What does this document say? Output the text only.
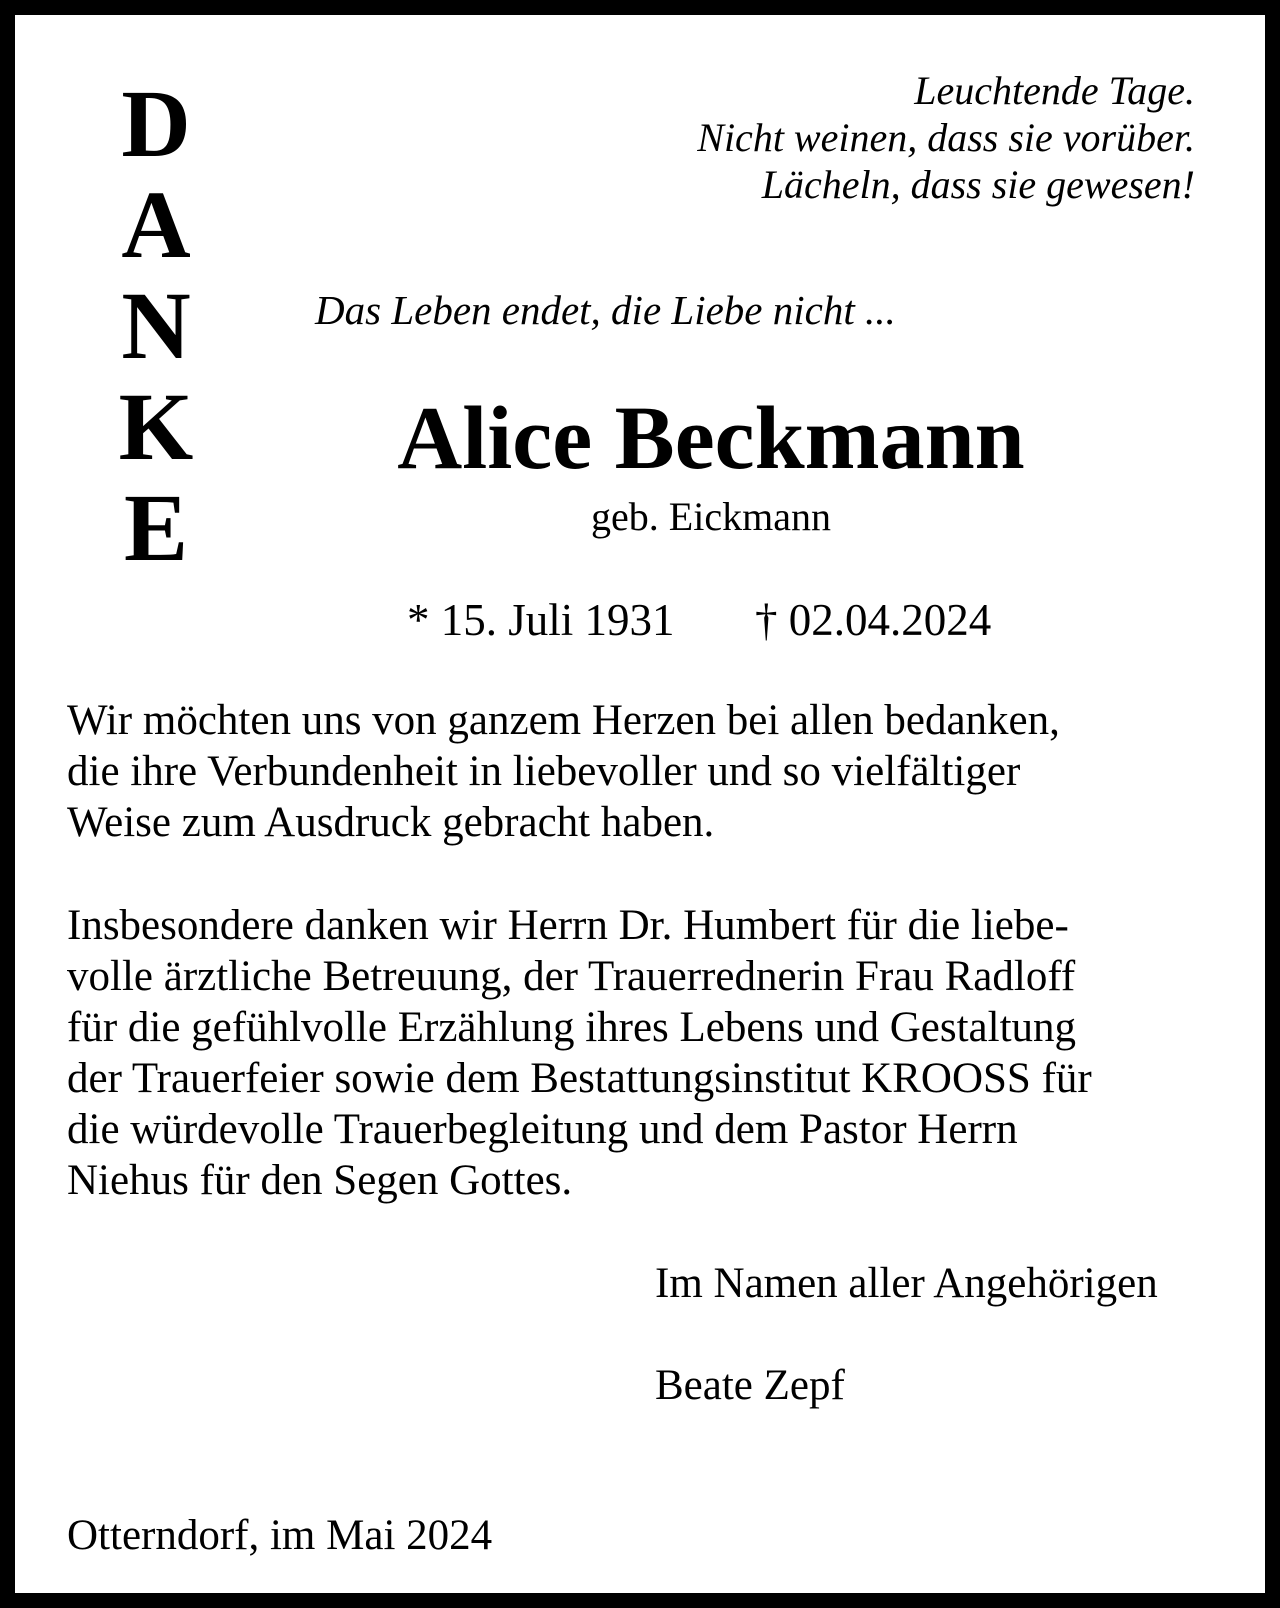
D
A
N
K
E
Leuchtende Tage.
Nicht weinen, dass sie vorüber.
Lächeln, dass sie gewesen!
Das Leben endet, die Liebe nicht ...
Alice Beckmann
geb. Eickmann
* 15. Juli 1931 † 02.04.2024
Wir möchten uns von ganzem Herzen bei allen bedanken,
die ihre Verbundenheit in liebevoller und so vielfältiger
Weise zum Ausdruck gebracht haben.
Insbesondere danken wir Herrn Dr. Humbert für die liebe-
volle ärztliche Betreuung, der Trauerrednerin Frau Radloff
für die gefühlvolle Erzählung ihres Lebens und Gestaltung
der Trauerfeier sowie dem Bestattungsinstitut KROOSS für
die würdevolle Trauerbegleitung und dem Pastor Herrn
Niehus für den Segen Gottes.
Im Namen aller Angehörigen
Beate Zepf
Otterndorf, im Mai 2024
